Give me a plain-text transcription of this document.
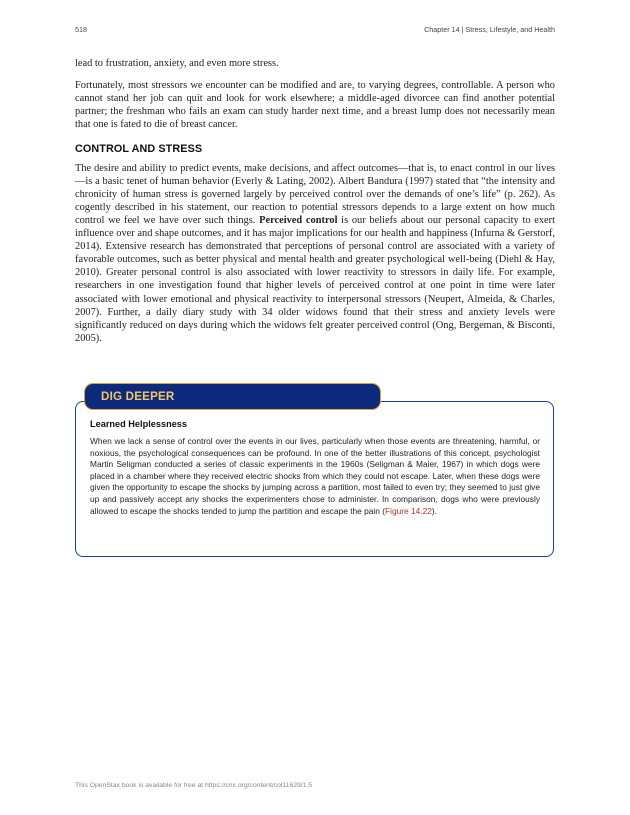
518	Chapter 14 | Stress, Lifestyle, and Health

lead to frustration, anxiety, and even more stress.

Fortunately, most stressors we encounter can be modified and are, to varying degrees, controllable. A person who cannot stand her job can quit and look for work elsewhere; a middle-aged divorcee can find another potential partner; the freshman who fails an exam can study harder next time, and a breast lump does not necessarily mean that one is fated to die of breast cancer.

CONTROL AND STRESS

The desire and ability to predict events, make decisions, and affect outcomes—that is, to enact control in our lives—is a basic tenet of human behavior (Everly & Lating, 2002). Albert Bandura (1997) stated that “the intensity and chronicity of human stress is governed largely by perceived control over the demands of one’s life” (p. 262). As cogently described in his statement, our reaction to potential stressors depends to a large extent on how much control we feel we have over such things. Perceived control is our beliefs about our personal capacity to exert influence over and shape outcomes, and it has major implications for our health and happiness (Infurna & Gerstorf, 2014). Extensive research has demonstrated that perceptions of personal control are associated with a variety of favorable outcomes, such as better physical and mental health and greater psychological well-being (Diehl & Hay, 2010). Greater personal control is also associated with lower reactivity to stressors in daily life. For example, researchers in one investigation found that higher levels of perceived control at one point in time were later associated with lower emotional and physical reactivity to interpersonal stressors (Neupert, Almeida, & Charles, 2007). Further, a daily diary study with 34 older widows found that their stress and anxiety levels were significantly reduced on days during which the widows felt greater perceived control (Ong, Bergeman, & Bisconti, 2005).

DIG DEEPER
Learned Helplessness

When we lack a sense of control over the events in our lives, particularly when those events are threatening, harmful, or noxious, the psychological consequences can be profound. In one of the better illustrations of this concept, psychologist Martin Seligman conducted a series of classic experiments in the 1960s (Seligman & Maier, 1967) in which dogs were placed in a chamber where they received electric shocks from which they could not escape. Later, when these dogs were given the opportunity to escape the shocks by jumping across a partition, most failed to even try; they seemed to just give up and passively accept any shocks the experimenters chose to administer. In comparison, dogs who were previously allowed to escape the shocks tended to jump the partition and escape the pain (Figure 14.22).

This OpenStax book is available for free at https://cnx.org/content/col11629/1.5
